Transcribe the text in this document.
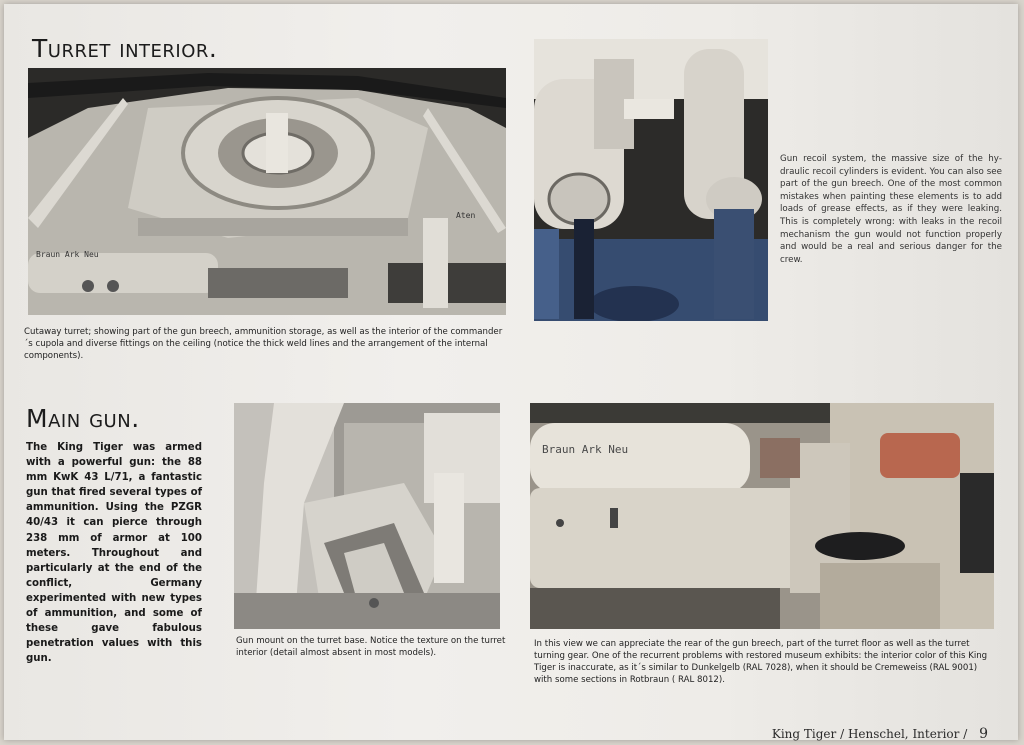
Turret interior.
Braun Ark Neu
Aten

Cutaway turret; showing part of the gun breech, ammunition storage, as well as the interior of the commander´s cupola and diverse fittings on the ceiling (notice the thick weld lines and the arrangement of the internal components).

Gun recoil system, the massive size of the hydraulic recoil cylinders is evident. You can also see part of the gun breech. One of the most common mistakes when painting these elements is to add loads of grease effects, as if they were leaking. This is completely wrong: with leaks in the recoil mechanism the gun would not function properly and would be a real and serious danger for the crew.

Main gun.

The King Tiger was armed with a powerful gun: the 88 mm KwK 43 L/71, a fantastic gun that fired several types of ammunition. Using the PZGR 40/43 it can pierce through 238 mm of armor at 100 meters. Throughout and particularly at the end of the conflict, Germany experimented with new types of ammunition, and some of these gave fabulous penetration values with this gun.

Gun mount on the turret base. Notice the texture on the turret interior (detail almost absent in most models).

Braun Ark Neu

In this view we can appreciate the rear of the gun breech, part of the turret floor as well as the turret turning gear. One of the recurrent problems with restored museum exhibits: the interior color of this King Tiger is inaccurate, as it´s similar to Dunkelgelb (RAL 7028), when it should be Cremeweiss (RAL 9001) with some sections in Rotbraun ( RAL 8012).

King Tiger / Henschel, Interior / 9
